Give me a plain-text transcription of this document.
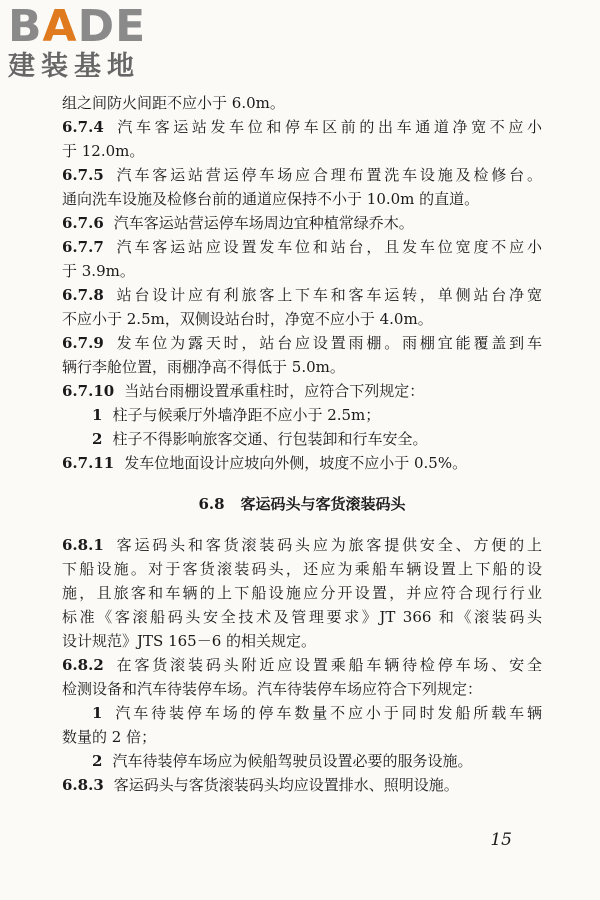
BADE
建装基地
组之间防火间距不应小于 6.0m。
6.7.4 汽车客运站发车位和停车区前的出车通道净宽不应小
于 12.0m。
6.7.5 汽车客运站营运停车场应合理布置洗车设施及检修台。
通向洗车设施及检修台前的通道应保持不小于 10.0m 的直道。
6.7.6 汽车客运站营运停车场周边宜种植常绿乔木。
6.7.7 汽车客运站应设置发车位和站台，且发车位宽度不应小
于 3.9m。
6.7.8 站台设计应有利旅客上下车和客车运转，单侧站台净宽
不应小于 2.5m，双侧设站台时，净宽不应小于 4.0m。
6.7.9 发车位为露天时，站台应设置雨棚。雨棚宜能覆盖到车
辆行李舱位置，雨棚净高不得低于 5.0m。
6.7.10 当站台雨棚设置承重柱时，应符合下列规定：
1 柱子与候乘厅外墙净距不应小于 2.5m；
2 柱子不得影响旅客交通、行包装卸和行车安全。
6.7.11 发车位地面设计应坡向外侧，坡度不应小于 0.5%。
6.8 客运码头与客货滚装码头
6.8.1 客运码头和客货滚装码头应为旅客提供安全、方便的上
下船设施。对于客货滚装码头，还应为乘船车辆设置上下船的设
施，且旅客和车辆的上下船设施应分开设置，并应符合现行行业
标准《客滚船码头安全技术及管理要求》JT 366 和《滚装码头
设计规范》JTS 165－6 的相关规定。
6.8.2 在客货滚装码头附近应设置乘船车辆待检停车场、安全
检测设备和汽车待装停车场。汽车待装停车场应符合下列规定：
1 汽车待装停车场的停车数量不应小于同时发船所载车辆
数量的 2 倍；
2 汽车待装停车场应为候船驾驶员设置必要的服务设施。
6.8.3 客运码头与客货滚装码头均应设置排水、照明设施。
15
